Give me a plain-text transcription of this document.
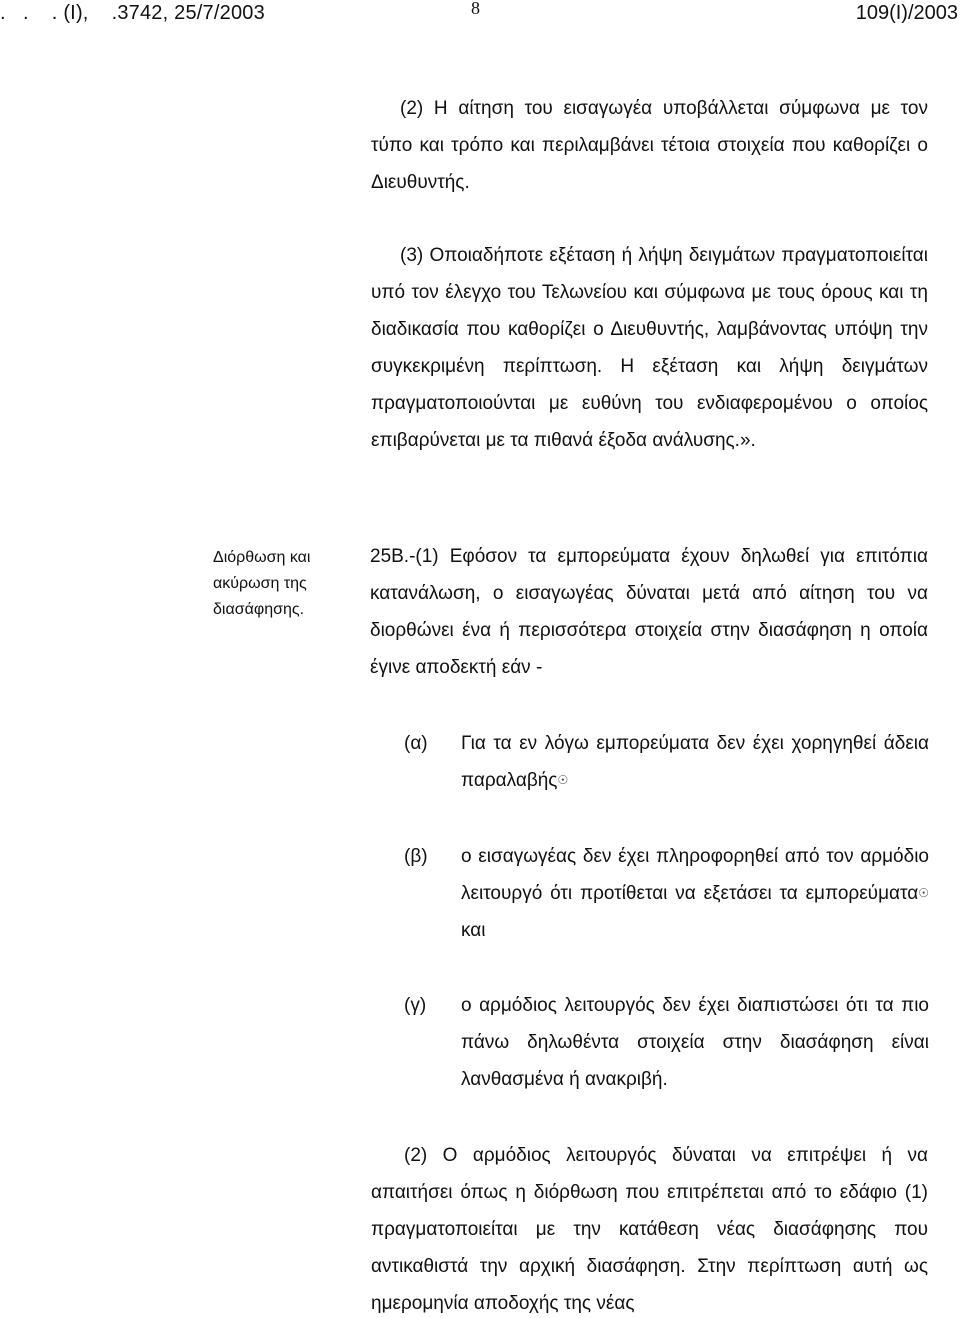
.   .    . (Ι),    .3742, 25/7/2003	8	109(Ι)/2003

(2) Η αίτηση του εισαγωγέα υποβάλλεται σύμφωνα με τον τύπο και τρόπο και περιλαμβάνει τέτοια στοιχεία που καθορίζει ο Διευθυντής.

(3) Οποιαδήποτε εξέταση ή λήψη δειγμάτων πραγματοποιείται υπό τον έλεγχο του Τελωνείου και σύμφωνα με τους όρους και τη διαδικασία που καθορίζει ο Διευθυντής, λαμβάνοντας υπόψη την συγκεκριμένη περίπτωση. Η εξέταση και λήψη δειγμάτων πραγματοποιούνται με ευθύνη του ενδιαφερομένου ο οποίος επιβαρύνεται με τα πιθανά έξοδα ανάλυσης.».

Διόρθωση και

ακύρωση της

διασάφησης.

25Β.-(1) Εφόσον τα εμπορεύματα έχουν δηλωθεί για επιτόπια κατανάλωση, ο εισαγωγέας δύναται μετά από αίτηση του να διορθώνει ένα ή περισσότερα στοιχεία στην διασάφηση η οποία έγινε αποδεκτή εάν -

(α) Για τα εν λόγω εμπορεύματα δεν έχει χορηγηθεί άδεια παραλαβής☉

(β) ο εισαγωγέας δεν έχει πληροφορηθεί από τον αρμόδιο λειτουργό ότι προτίθεται να εξετάσει τα εμπορεύματα☉ και

(γ) ο αρμόδιος λειτουργός δεν έχει διαπιστώσει ότι τα πιο πάνω δηλωθέντα στοιχεία στην διασάφηση είναι λανθασμένα ή ανακριβή.

(2) Ο αρμόδιος λειτουργός δύναται να επιτρέψει ή να απαιτήσει όπως η διόρθωση που επιτρέπεται από το εδάφιο (1) πραγματοποιείται με την κατάθεση νέας διασάφησης που αντικαθιστά την αρχική διασάφηση. Στην περίπτωση αυτή ως ημερομηνία αποδοχής της νέας
